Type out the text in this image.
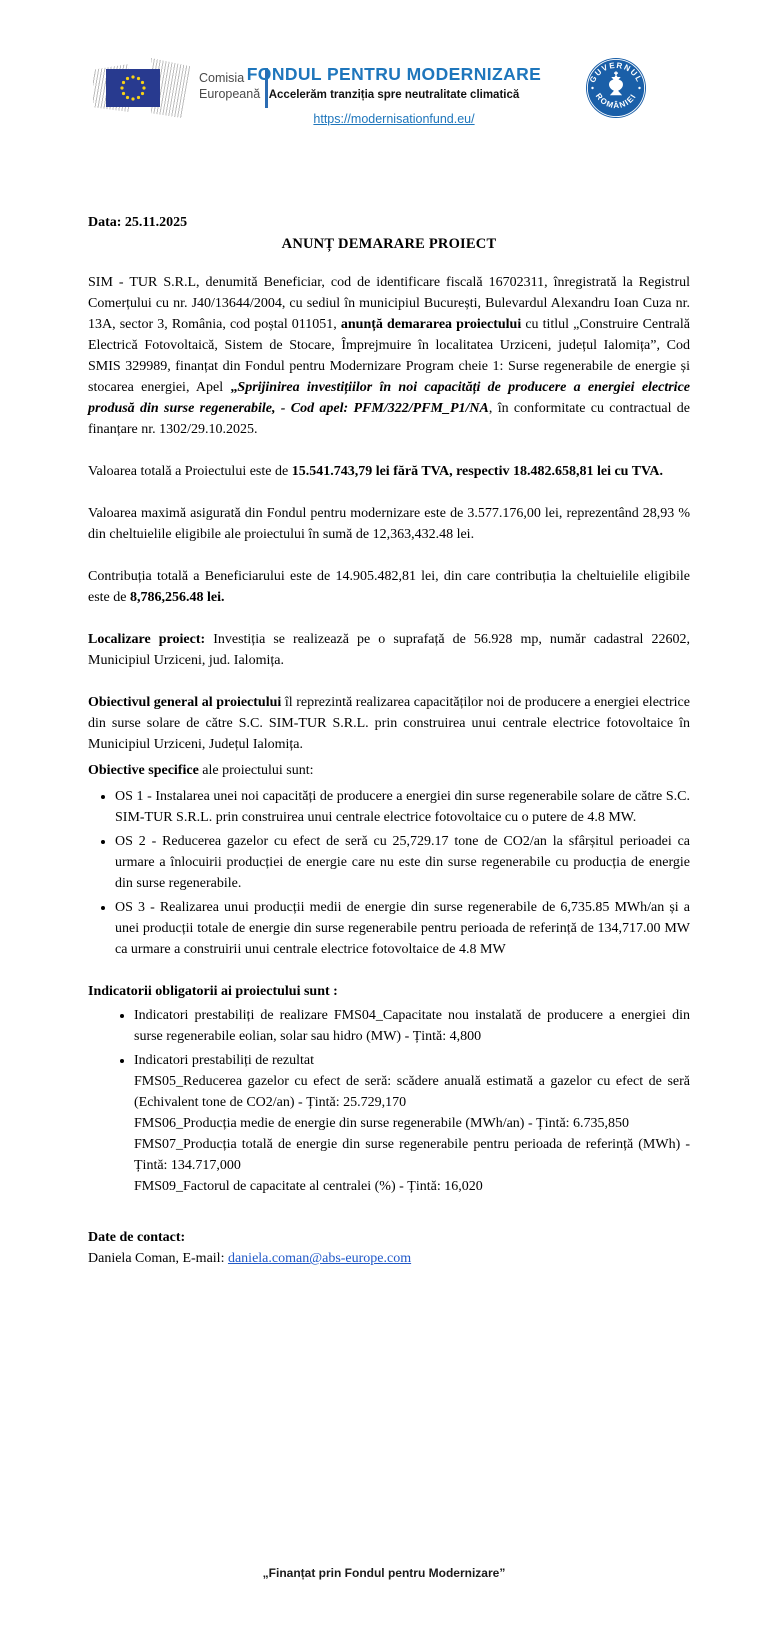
Comisia Europeană
FONDUL PENTRU MODERNIZARE
Accelerăm tranziția spre neutralitate climatică
https://modernisationfund.eu/
GUVERNUL
ROMÂNIEI

Data: 25.11.2025

ANUNȚ DEMARARE PROIECT

SIM - TUR S.R.L, denumită Beneficiar, cod de identificare fiscală 16702311, înregistrată la Registrul Comerțului cu nr. J40/13644/2004, cu sediul în municipiul București, Bulevardul Alexandru Ioan Cuza nr. 13A, sector 3, România, cod poștal 011051, anunță demararea proiectului cu titlul „Construire Centrală Electrică Fotovoltaică, Sistem de Stocare, Împrejmuire în localitatea Urziceni, județul Ialomița”, Cod SMIS 329989, finanțat din Fondul pentru Modernizare Program cheie 1: Surse regenerabile de energie și stocarea energiei, Apel „Sprijinirea investițiilor în noi capacități de producere a energiei electrice produsă din surse regenerabile, - Cod apel: PFM/322/PFM_P1/NA, în conformitate cu contractual de finanțare nr. 1302/29.10.2025.

Valoarea totală a Proiectului este de 15.541.743,79 lei fără TVA, respectiv 18.482.658,81 lei cu TVA.

Valoarea maximă asigurată din Fondul pentru modernizare este de 3.577.176,00 lei, reprezentând 28,93 % din cheltuielile eligibile ale proiectului în sumă de 12,363,432.48 lei.

Contribuția totală a Beneficiarului este de 14.905.482,81 lei, din care contribuția la cheltuielile eligibile este de 8,786,256.48 lei.

Localizare proiect: Investiția se realizează pe o suprafață de 56.928 mp, număr cadastral 22602, Municipiul Urziceni, jud. Ialomița.

Obiectivul general al proiectului îl reprezintă realizarea capacităților noi de producere a energiei electrice din surse solare de către S.C. SIM-TUR S.R.L. prin construirea unui centrale electrice fotovoltaice în Municipiul Urziceni, Județul Ialomița.

Obiective specifice ale proiectului sunt:

• OS 1 - Instalarea unei noi capacități de producere a energiei din surse regenerabile solare de către S.C. SIM-TUR S.R.L. prin construirea unui centrale electrice fotovoltaice cu o putere de 4.8 MW.
• OS 2 - Reducerea gazelor cu efect de seră cu 25,729.17 tone de CO2/an la sfârșitul perioadei ca urmare a înlocuirii producției de energie care nu este din surse regenerabile cu producția de energie din surse regenerabile.
• OS 3 - Realizarea unui producții medii de energie din surse regenerabile de 6,735.85 MWh/an și a unei producții totale de energie din surse regenerabile pentru perioada de referință de 134,717.00 MW ca urmare a construirii unui centrale electrice fotovoltaice de 4.8 MW

Indicatorii obligatorii ai proiectului sunt :

• Indicatori prestabiliți de realizare FMS04_Capacitate nou instalată de producere a energiei din surse regenerabile eolian, solar sau hidro (MW) - Țintă: 4,800
• Indicatori prestabiliți de rezultat
FMS05_Reducerea gazelor cu efect de seră: scădere anuală estimată a gazelor cu efect de seră (Echivalent tone de CO2/an) - Țintă: 25.729,170
FMS06_Producția medie de energie din surse regenerabile (MWh/an) - Țintă: 6.735,850
FMS07_Producția totală de energie din surse regenerabile pentru perioada de referință (MWh) - Țintă: 134.717,000
FMS09_Factorul de capacitate al centralei (%) - Țintă: 16,020

Date de contact:

Daniela Coman, E-mail: daniela.coman@abs-europe.com

„Finanțat prin Fondul pentru Modernizare”
